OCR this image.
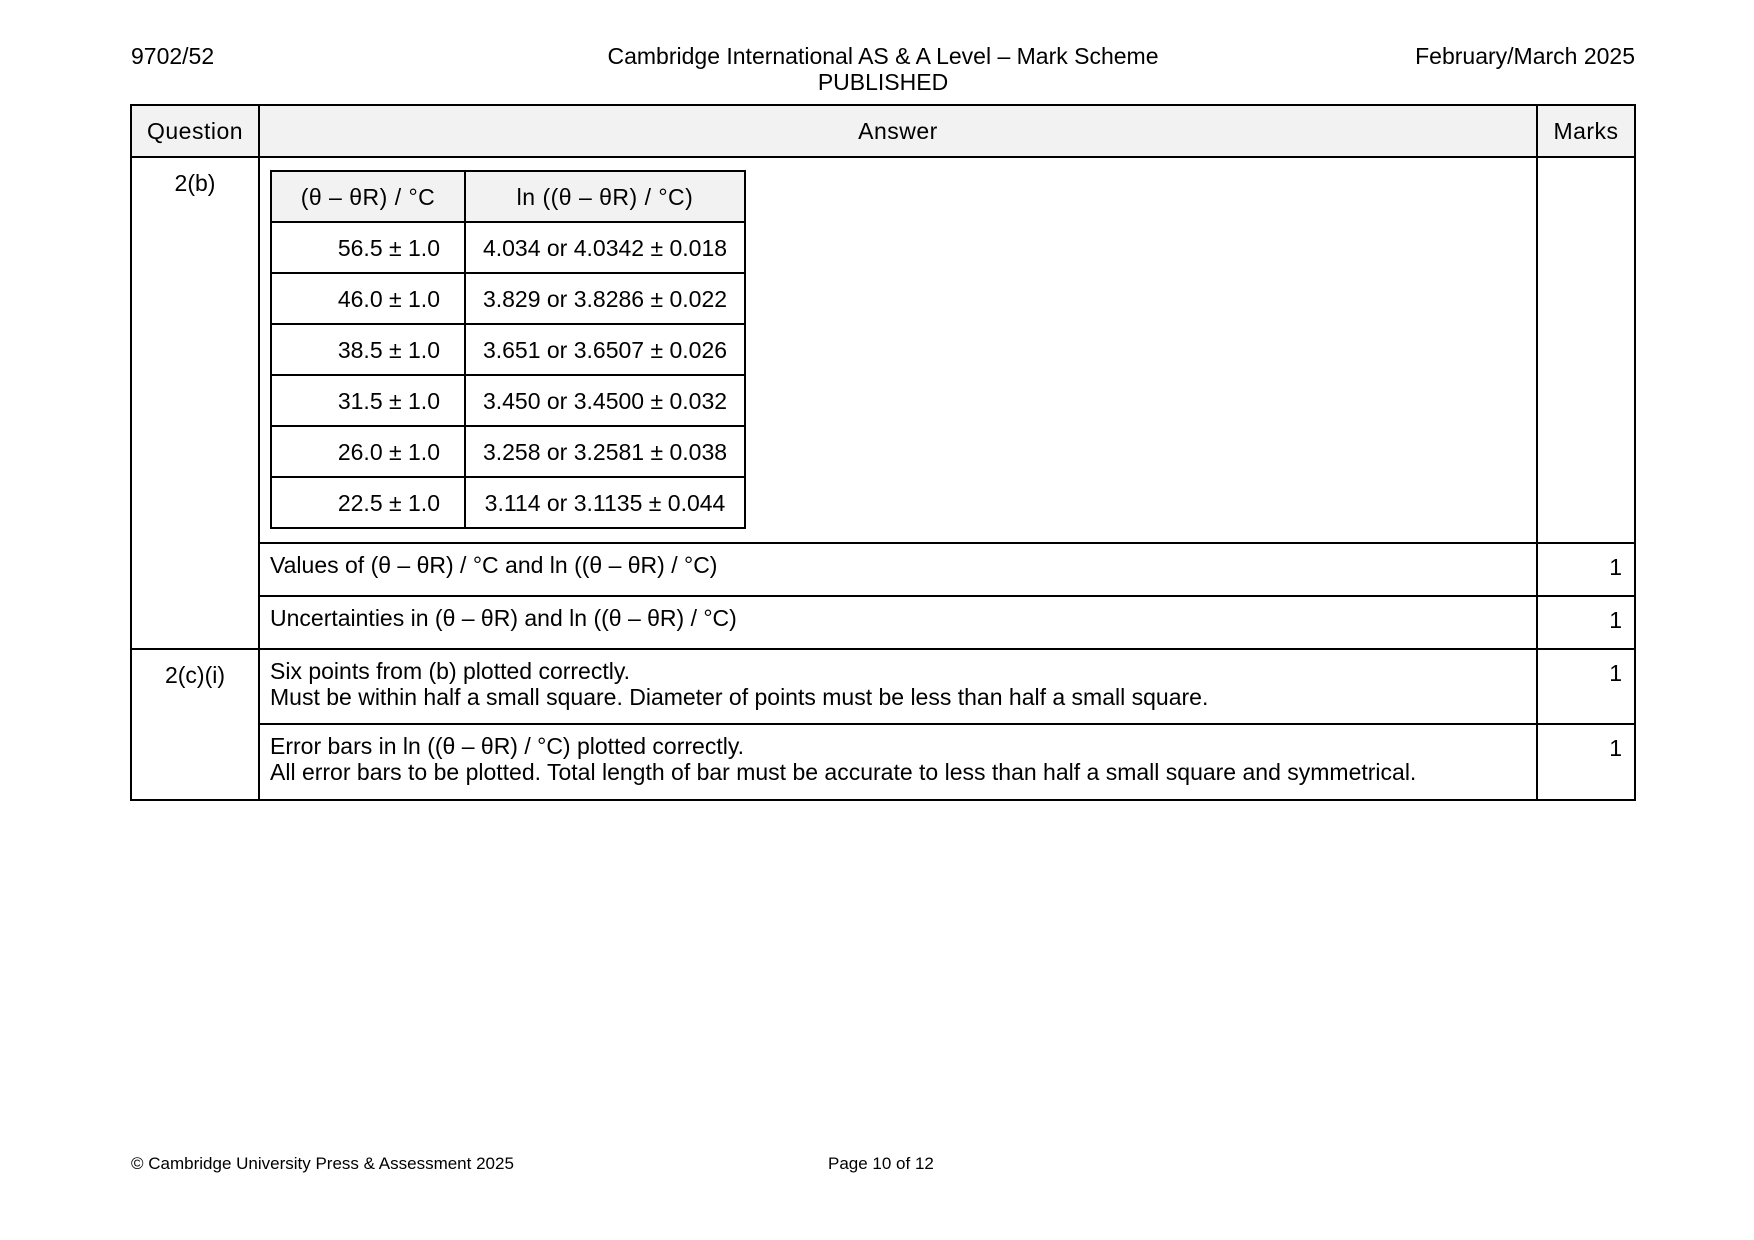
9702/52	Cambridge International AS & A Level – Mark Scheme
PUBLISHED
February/March 2025
Question	Answer	Marks
2(b)	
(θ – θR) / °C	ln ((θ – θR) / °C)
56.5 ± 1.0	4.034 or 4.0342 ± 0.018
46.0 ± 1.0	3.829 or 3.8286 ± 0.022
38.5 ± 1.0	3.651 or 3.6507 ± 0.026
31.5 ± 1.0	3.450 or 3.4500 ± 0.032
26.0 ± 1.0	3.258 or 3.2581 ± 0.038
22.5 ± 1.0	3.114 or 3.1135 ± 0.044

Values of (θ – θR) / °C and ln ((θ – θR) / °C)	1
Uncertainties in (θ – θR) and ln ((θ – θR) / °C)	1
2(c)(i)	Six points from (b) plotted correctly.
Must be within half a small square. Diameter of points must be less than half a small square.
	1

Error bars in ln ((θ – θR) / °C) plotted correctly.
All error bars to be plotted. Total length of bar must be accurate to less than half a small square and symmetrical.
	1
© Cambridge University Press & Assessment 2025	Page 10 of 12
